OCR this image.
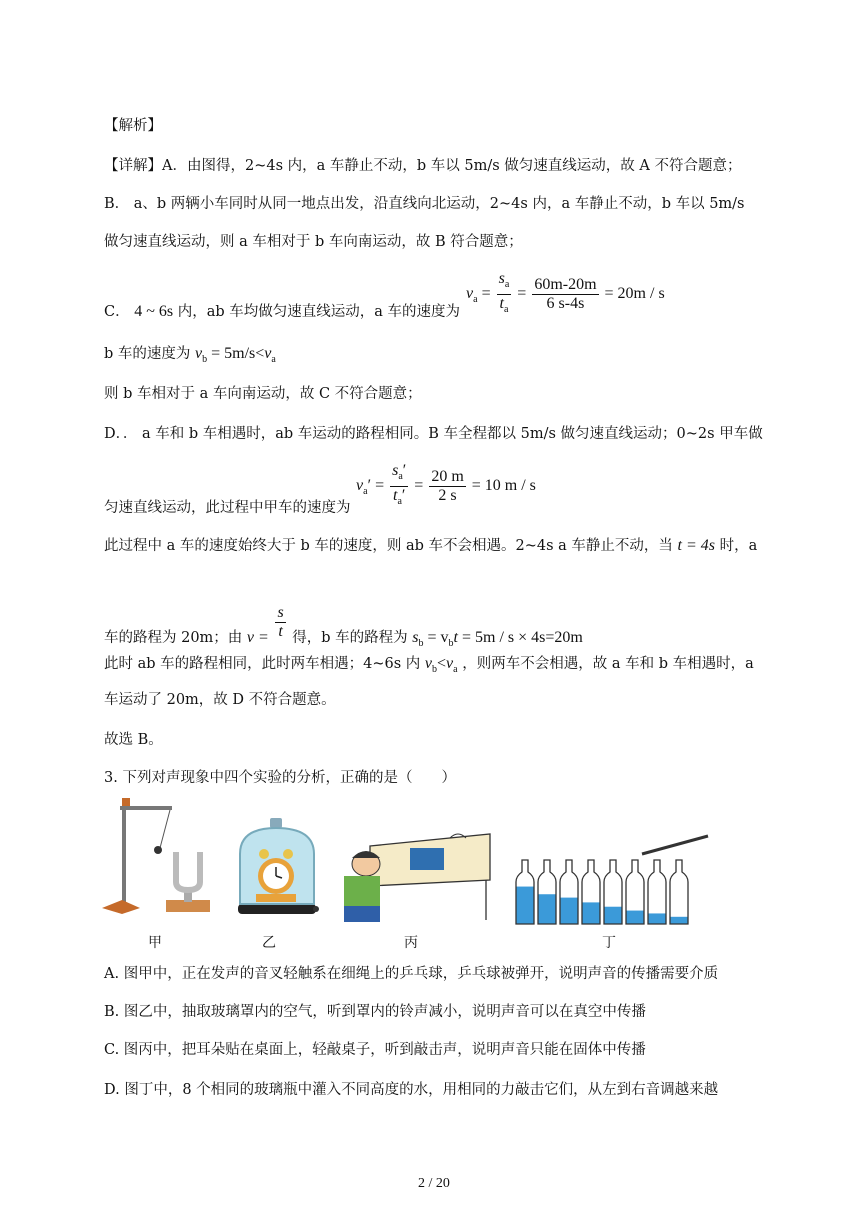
【解析】
【详解】A．由图得，2~4s 内，a 车静止不动，b 车以 5m/s 做匀速直线运动，故 A 不符合题意；
B． a、b 两辆小车同时从同一地点出发，沿直线向北运动，2~4s 内，a 车静止不动，b 车以 5m/s
做匀速直线运动，则 a 车相对于 b 车向南运动，故 B 符合题意；
C． 4 ~ 6s 内，ab 车均做匀速直线运动，a 车的速度为
$v_a = \frac{s_a}{t_a} = \frac{60m-20m}{6 s-4s} = 20m / s$
b 车的速度为 $v_b = 5m/s<v_a$
则 b 车相对于 a 车向南运动，故 C 不符合题意；
D．． a 车和 b 车相遇时，ab 车运动的路程相同。B 车全程都以 5m/s 做匀速直线运动；0~2s 甲车做
$v_a' = \frac{s_a'}{t_a'} = \frac{20 m}{2 s} = 10$ m / s
匀速直线运动，此过程中甲车的速度为
此过程中 a 车的速度始终大于 b 车的速度，则 ab 车不会相遇。2~4s a 车静止不动，当 t = 4s 时，a
车的路程为 20m；由 $v = \frac{s}{t}$ 得，b 车的路程为 $s_b = v_bt = 5m / s \times 4s=20m$
此时 ab 车的路程相同，此时两车相遇；4~6s 内 $v_b<v_a$ ，则两车不会相遇，故 a 车和 b 车相遇时，a
车运动了 20m，故 D 不符合题意。
故选 B。
3. 下列对声现象中四个实验的分析，正确的是（　　）
甲	乙	丙	丁
A. 图甲中，正在发声的音叉轻触系在细绳上的乒乓球，乒乓球被弹开，说明声音的传播需要介质
B. 图乙中，抽取玻璃罩内的空气，听到罩内的铃声减小，说明声音可以在真空中传播
C. 图丙中，把耳朵贴在桌面上，轻敲桌子，听到敲击声，说明声音只能在固体中传播
D. 图丁中，8 个相同的玻璃瓶中灌入不同高度的水，用相同的力敲击它们，从左到右音调越来越
2 / 20
